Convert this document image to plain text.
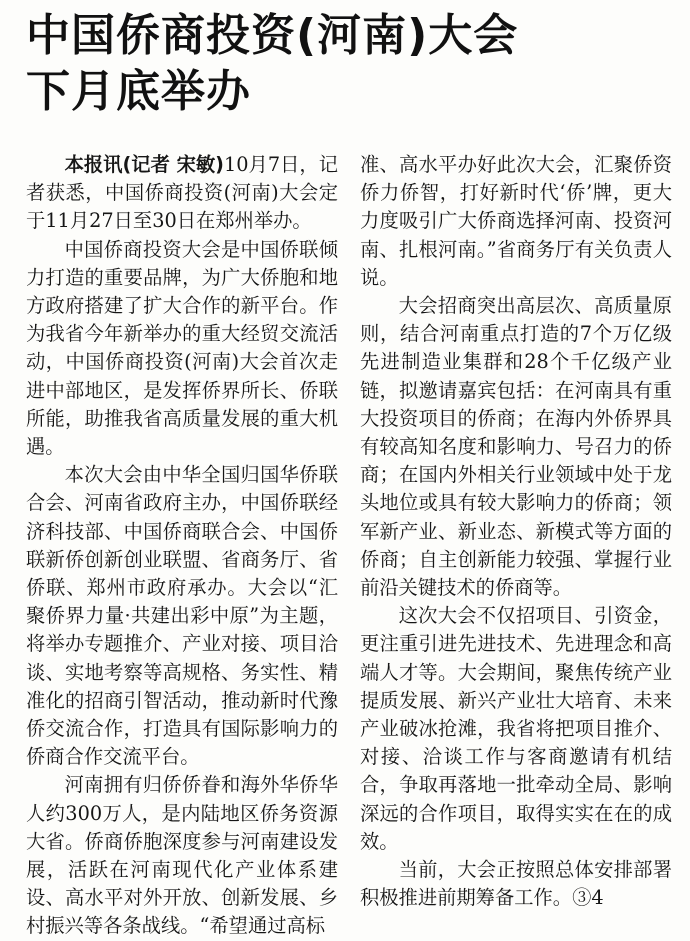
中国侨商投资(河南)大会
下月底举办

本报讯(记者 宋敏)10月7日，记者获悉，中国侨商投资(河南)大会定于11月27日至30日在郑州举办。

中国侨商投资大会是中国侨联倾力打造的重要品牌，为广大侨胞和地方政府搭建了扩大合作的新平台。作为我省今年新举办的重大经贸交流活动，中国侨商投资(河南)大会首次走进中部地区，是发挥侨界所长、侨联所能，助推我省高质量发展的重大机遇。

本次大会由中华全国归国华侨联合会、河南省政府主办，中国侨联经济科技部、中国侨商联合会、中国侨联新侨创新创业联盟、省商务厅、省侨联、郑州市政府承办。大会以“汇聚侨界力量·共建出彩中原”为主题，将举办专题推介、产业对接、项目洽谈、实地考察等高规格、务实性、精准化的招商引智活动，推动新时代豫侨交流合作，打造具有国际影响力的侨商合作交流平台。

河南拥有归侨侨眷和海外华侨华人约300万人，是内陆地区侨务资源大省。侨商侨胞深度参与河南建设发展，活跃在河南现代化产业体系建设、高水平对外开放、创新发展、乡村振兴等各条战线。“希望通过高标

准、高水平办好此次大会，汇聚侨资侨力侨智，打好新时代‘侨’牌，更大力度吸引广大侨商选择河南、投资河南、扎根河南。”省商务厅有关负责人说。

大会招商突出高层次、高质量原则，结合河南重点打造的7个万亿级先进制造业集群和28个千亿级产业链，拟邀请嘉宾包括：在河南具有重大投资项目的侨商；在海内外侨界具有较高知名度和影响力、号召力的侨商；在国内外相关行业领域中处于龙头地位或具有较大影响力的侨商；领军新产业、新业态、新模式等方面的侨商；自主创新能力较强、掌握行业前沿关键技术的侨商等。

这次大会不仅招项目、引资金，更注重引进先进技术、先进理念和高端人才等。大会期间，聚焦传统产业提质发展、新兴产业壮大培育、未来产业破冰抢滩，我省将把项目推介、对接、洽谈工作与客商邀请有机结合，争取再落地一批牵动全局、影响深远的合作项目，取得实实在在的成效。

当前，大会正按照总体安排部署积极推进前期筹备工作。③4
